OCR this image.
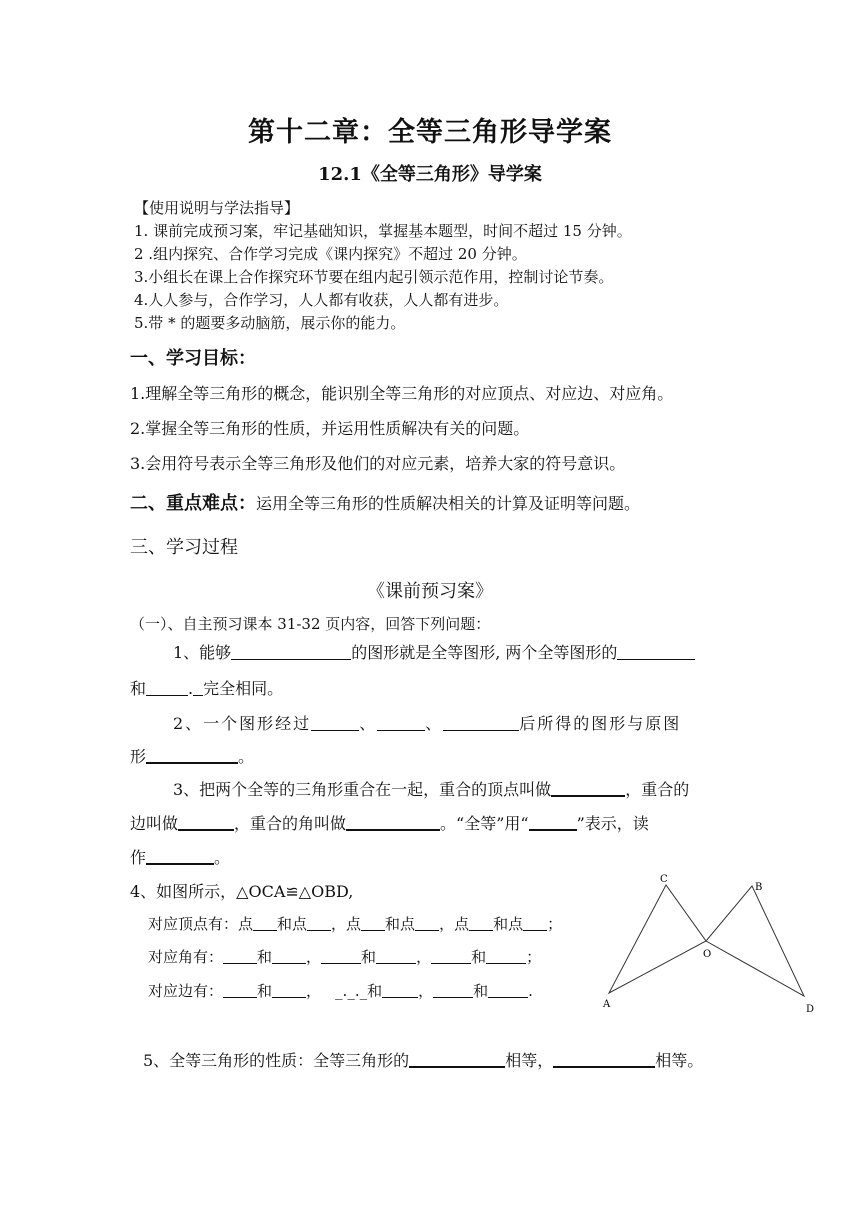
第十二章：全等三角形导学案
12.1《全等三角形》导学案
【使用说明与学法指导】
1. 课前完成预习案，牢记基础知识，掌握基本题型，时间不超过 15 分钟。
2 .组内探究、合作学习完成《课内探究》不超过 20 分钟。
3.小组长在课上合作探究环节要在组内起引领示范作用，控制讨论节奏。
4.人人参与，合作学习，人人都有收获，人人都有进步。
5.带 * 的题要多动脑筋，展示你的能力。
一、学习目标：
1.理解全等三角形的概念，能识别全等三角形的对应顶点、对应边、对应角。
2.掌握全等三角形的性质，并运用性质解决有关的问题。
3.会用符号表示全等三角形及他们的对应元素，培养大家的符号意识。
二、重点难点：运用全等三角形的性质解决相关的计算及证明等问题。
三、学习过程
《课前预习案》
（一）、自主预习课本 31-32 页内容，回答下列问题：
1、能够	的图形就是全等图形, 两个全等图形的
和	. 完全相同。
2、一个图形经过	、	、	后所得的图形与原图
形	。
3、把两个全等的三角形重合在一起，重合的顶点叫做	，重合的
边叫做	，重合的角叫做	。“全等”用“	”表示，读
作	。
4、如图所示，△OCA≌△OBD,
对应顶点有：点 和点 ，点 和点 ，点 和点 ；
对应角有： 和 ，	和	，	和	；
对应边有： 和 ， _._._和 ，	和	.
C
B
O
A	D
5、全等三角形的性质：全等三角形的	相等，	相等。
